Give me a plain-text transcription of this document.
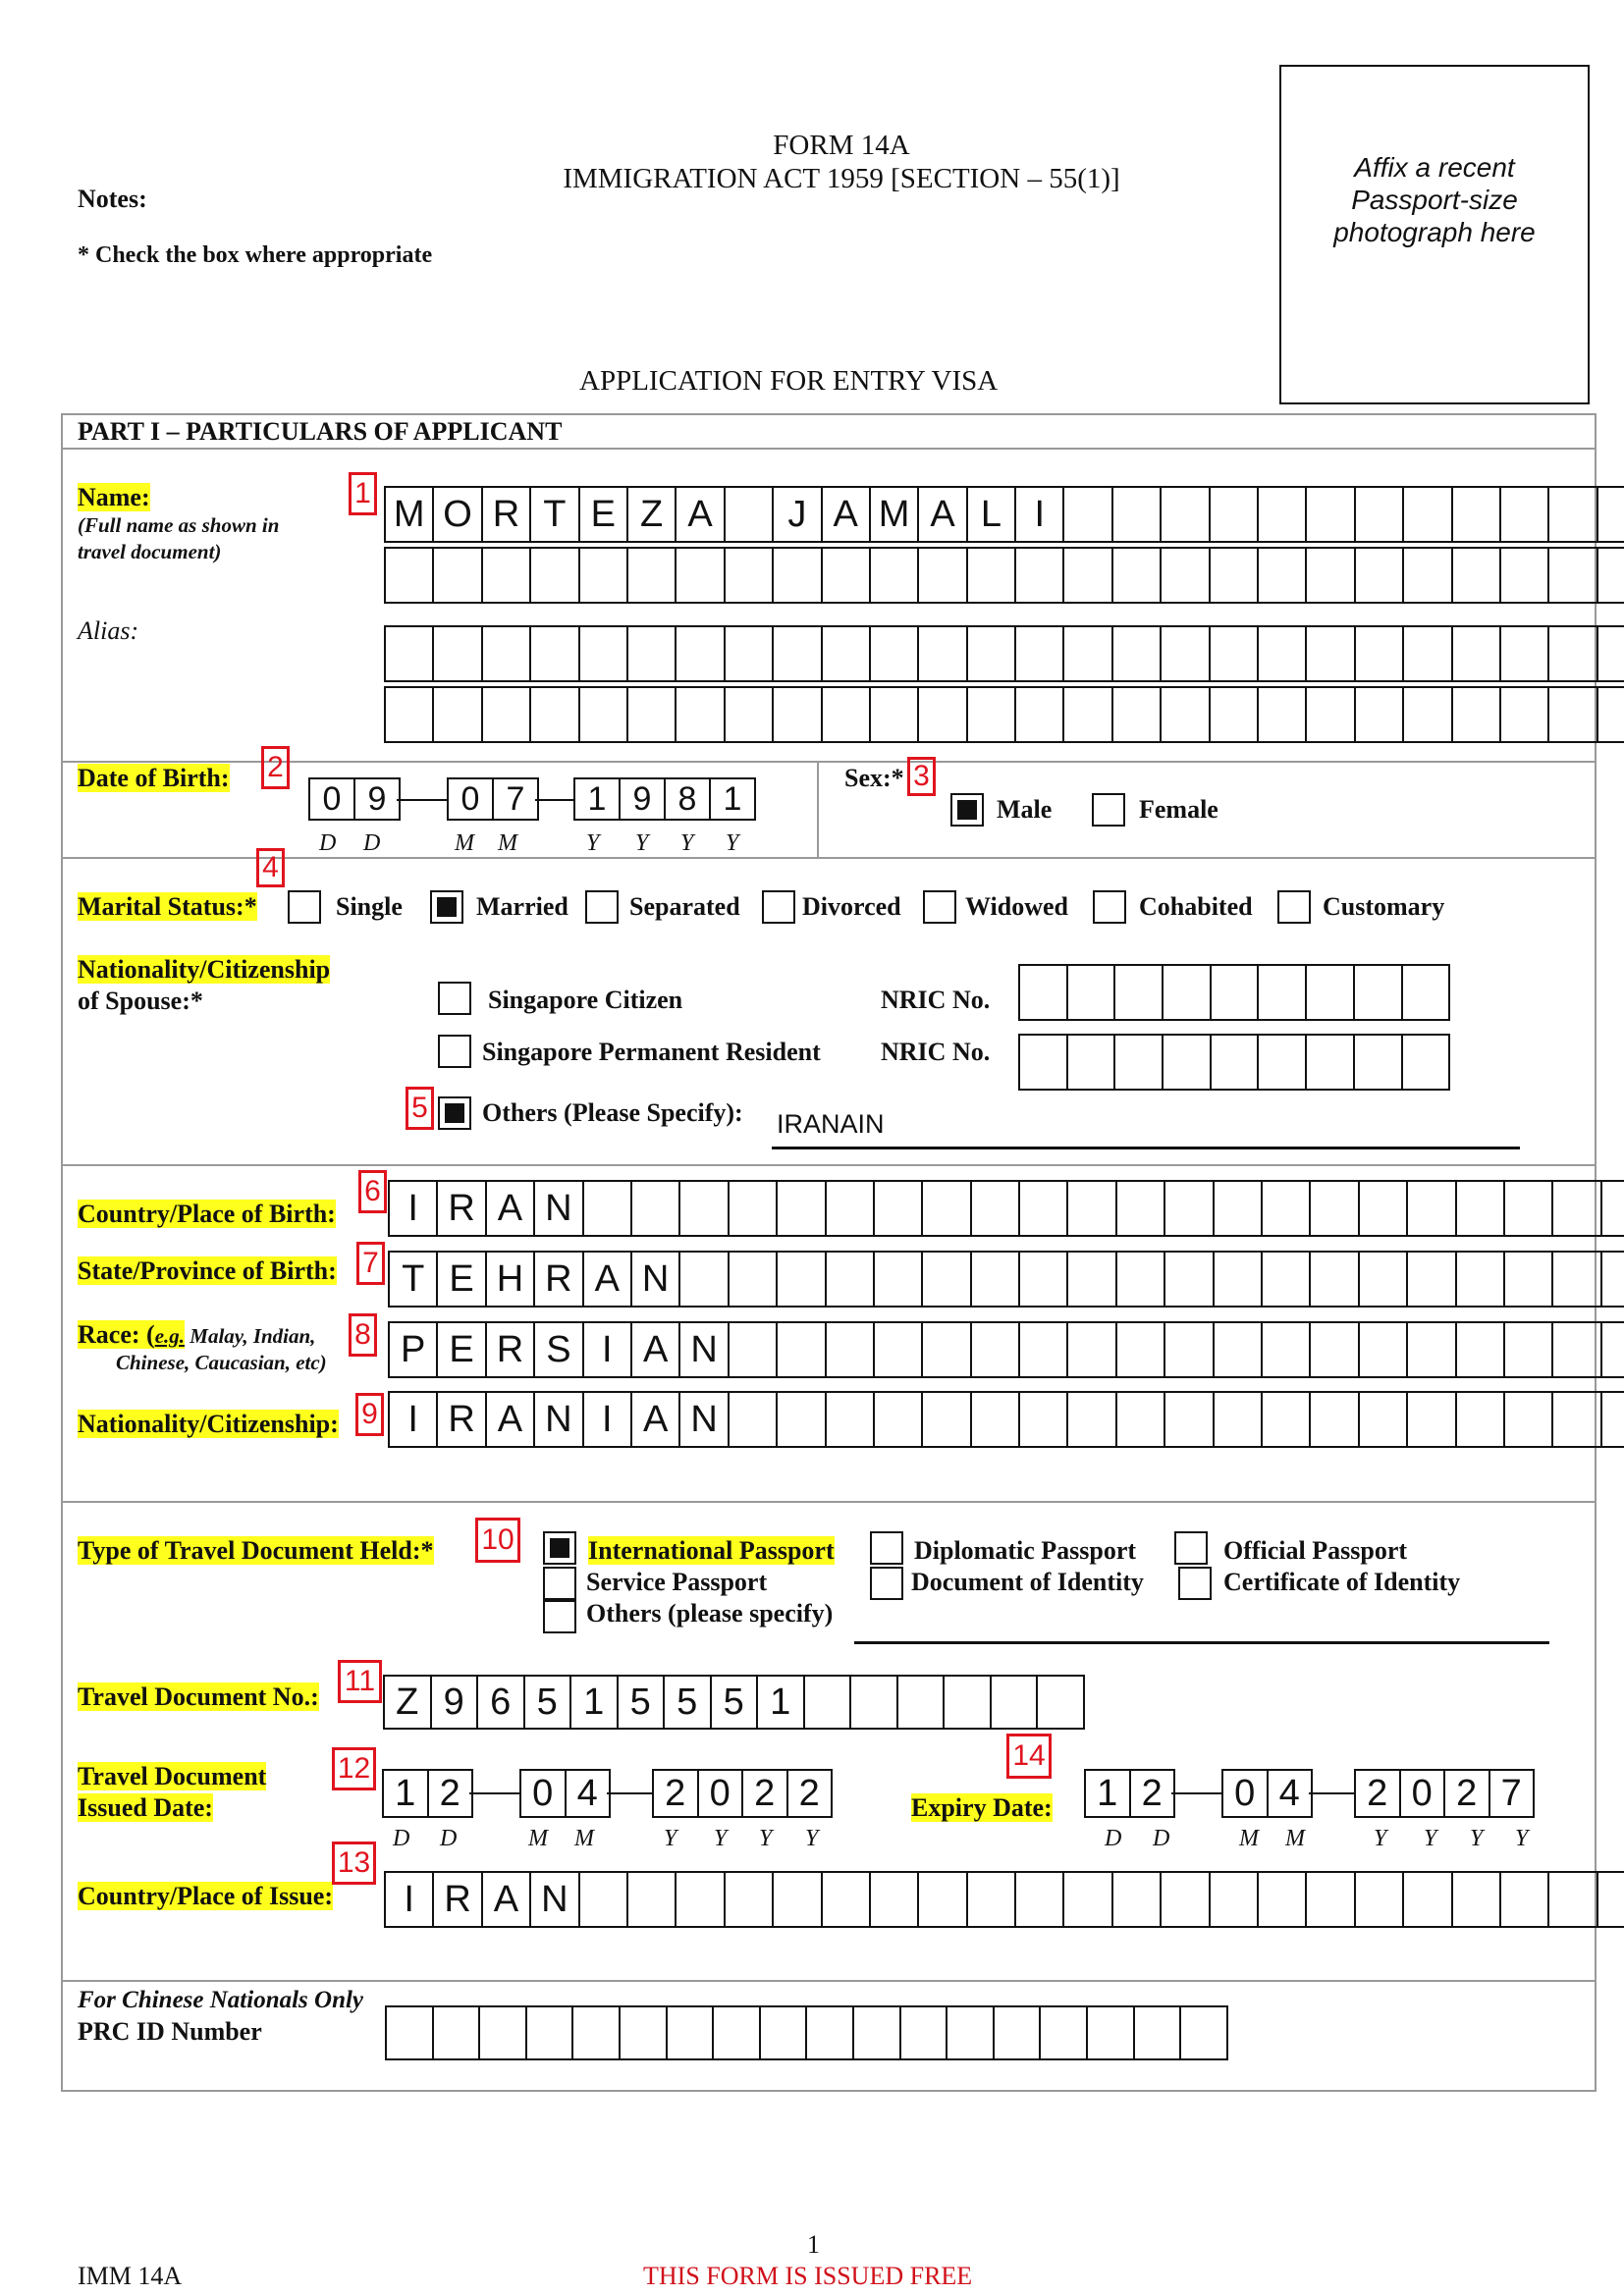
FORM 14A
IMMIGRATION ACT 1959 [SECTION – 55(1)]
Notes:
* Check the box where appropriate
Affix a recent
Passport-size
photograph here
APPLICATION FOR ENTRY VISA
PART I – PARTICULARS OF APPLICANT
Name:
(Full name as shown in
travel document)
M O R T E Z A	J A M A L I
Alias:
Date of Birth:
0 9	0 7	1 9 8 1
D D	M M	Y Y Y Y
Sex:*
Male	Female
Marital Status:*	Single	Married Separated Divorced	Widowed	Cohabited	Customary
Nationality/Citizenship
of Spouse:*	Singapore Citizen	NRIC No.
Singapore Permanent Resident NRIC No.
Others (Please Specify): IRANAIN
Country/Place of Birth:	I R A N
State/Province of Birth:	T E H R A N
Race: (e.g. Malay, Indian,
Chinese, Caucasian, etc)	P E R S I A N
Nationality/Citizenship:	I R A N I A N
Type of Travel Document Held:*	International Passport	Diplomatic Passport	Official Passport
Service Passport	Document of Identity	Certificate of Identity
Others (please specify)
Travel Document No.:	Z 9 6 5 1 5 5 5 1
Travel Document
Issued Date:	1 2	0 4	2 0 2 2
D D	M M	Y Y Y Y
Expiry Date:	1 2	0 4	2 0 2 7
D D	M M	Y Y Y Y
Country/Place of Issue:	I R A N
For Chinese Nationals Only
PRC ID Number
1
2	3
4
5
6
7
8
9
10
11
12
13
14
1
IMM 14A	THIS FORM IS ISSUED FREE
